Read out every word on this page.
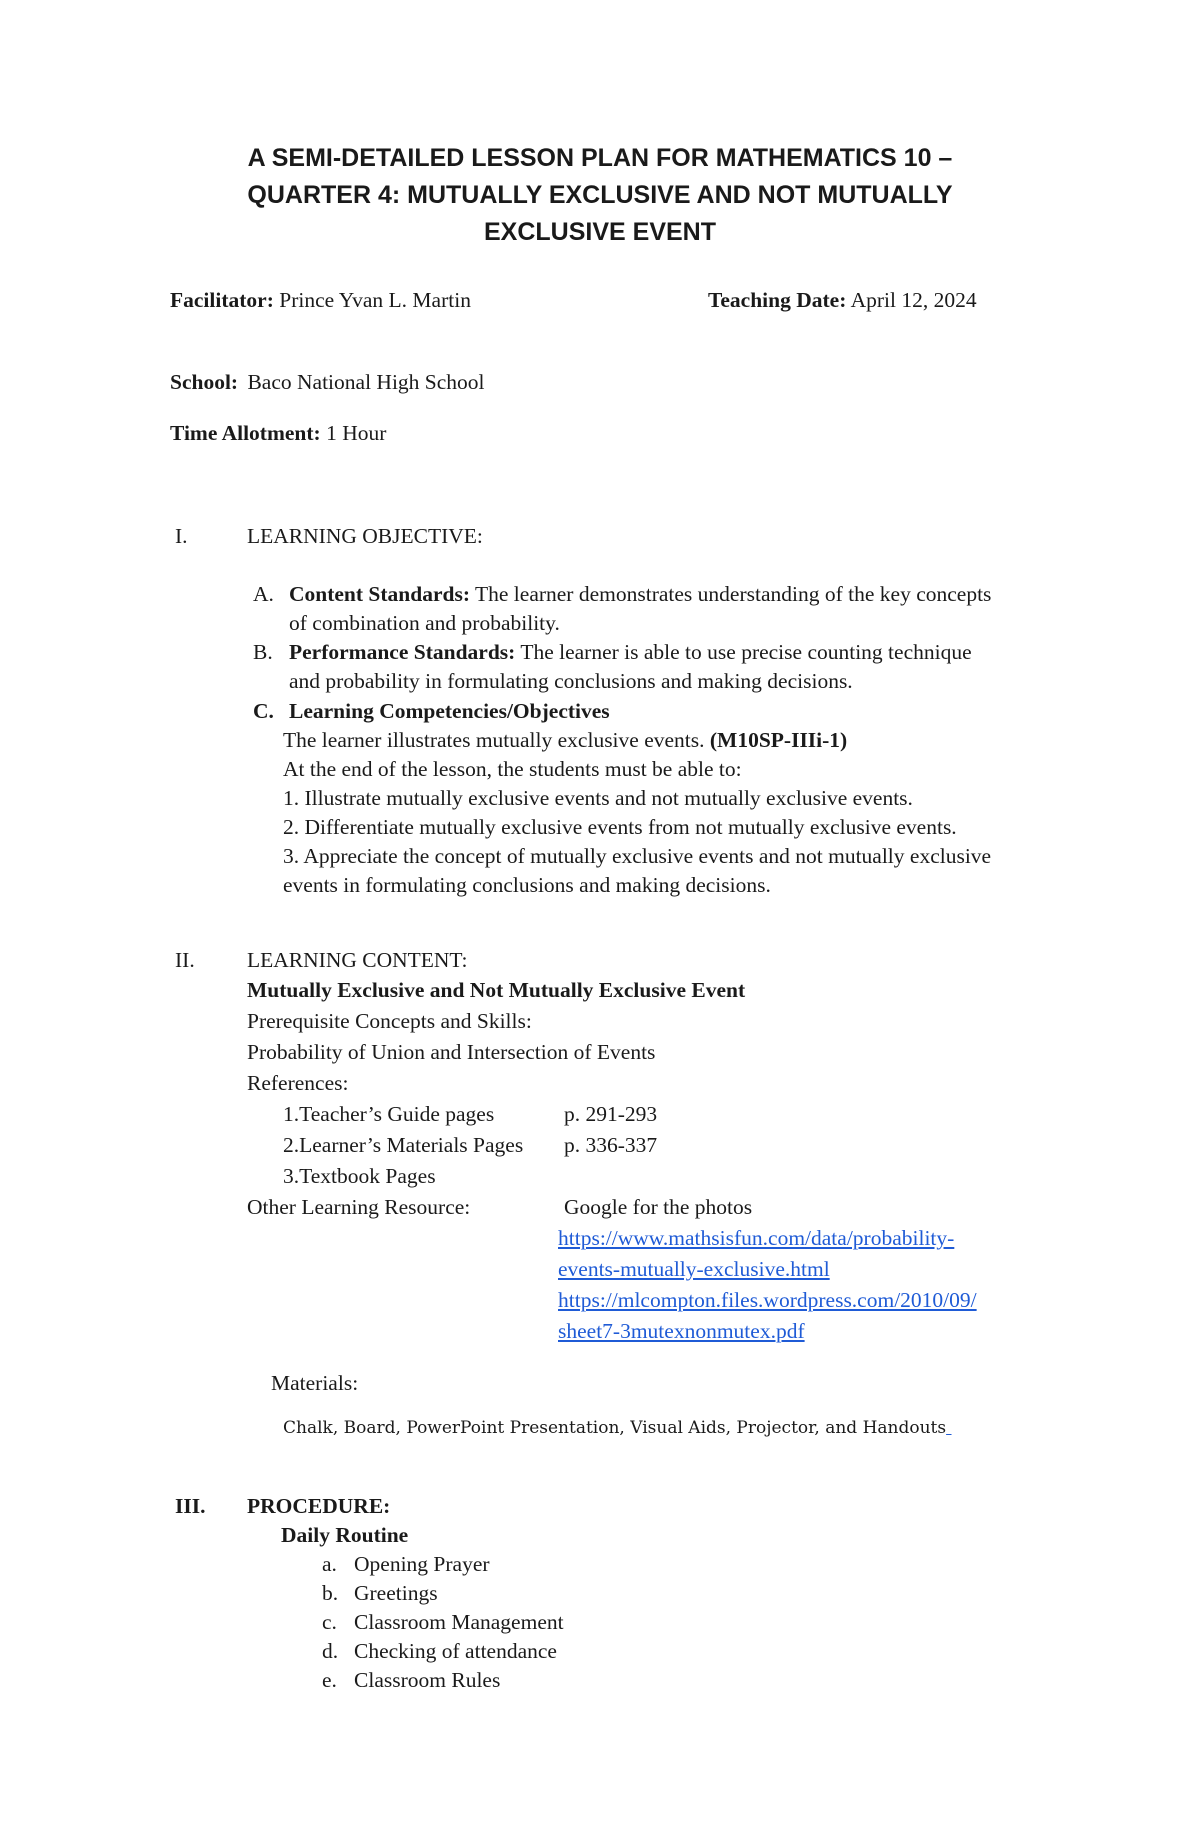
A SEMI-DETAILED LESSON PLAN FOR MATHEMATICS 10 –
QUARTER 4: MUTUALLY EXCLUSIVE AND NOT MUTUALLY
EXCLUSIVE EVENT
Facilitator: Prince Yvan L. Martin	Teaching Date: April 12, 2024
School: Baco National High School
Time Allotment: 1 Hour
I.	LEARNING OBJECTIVE:
A. Content Standards: The learner demonstrates understanding of the key concepts
of combination and probability.
B. Performance Standards: The learner is able to use precise counting technique
and probability in formulating conclusions and making decisions.
C. Learning Competencies/Objectives
The learner illustrates mutually exclusive events. (M10SP-IIIi-1)
At the end of the lesson, the students must be able to:
1. Illustrate mutually exclusive events and not mutually exclusive events.
2. Differentiate mutually exclusive events from not mutually exclusive events.
3. Appreciate the concept of mutually exclusive events and not mutually exclusive
events in formulating conclusions and making decisions.
II. LEARNING CONTENT:
Mutually Exclusive and Not Mutually Exclusive Event
Prerequisite Concepts and Skills:
Probability of Union and Intersection of Events
References:
1.Teacher’s Guide pages	p. 291-293
2.Learner’s Materials Pages p. 336-337
3.Textbook Pages
Other Learning Resource:	Google for the photos
https://www.mathsisfun.com/data/probability-
events-mutually-exclusive.html
https://mlcompton.files.wordpress.com/2010/09/
sheet7-3mutexnonmutex.pdf
Materials:
Chalk, Board, PowerPoint Presentation, Visual Aids, Projector, and Handouts
III. PROCEDURE:
Daily Routine
a. Opening Prayer
b. Greetings
c. Classroom Management
d. Checking of attendance
e. Classroom Rules
